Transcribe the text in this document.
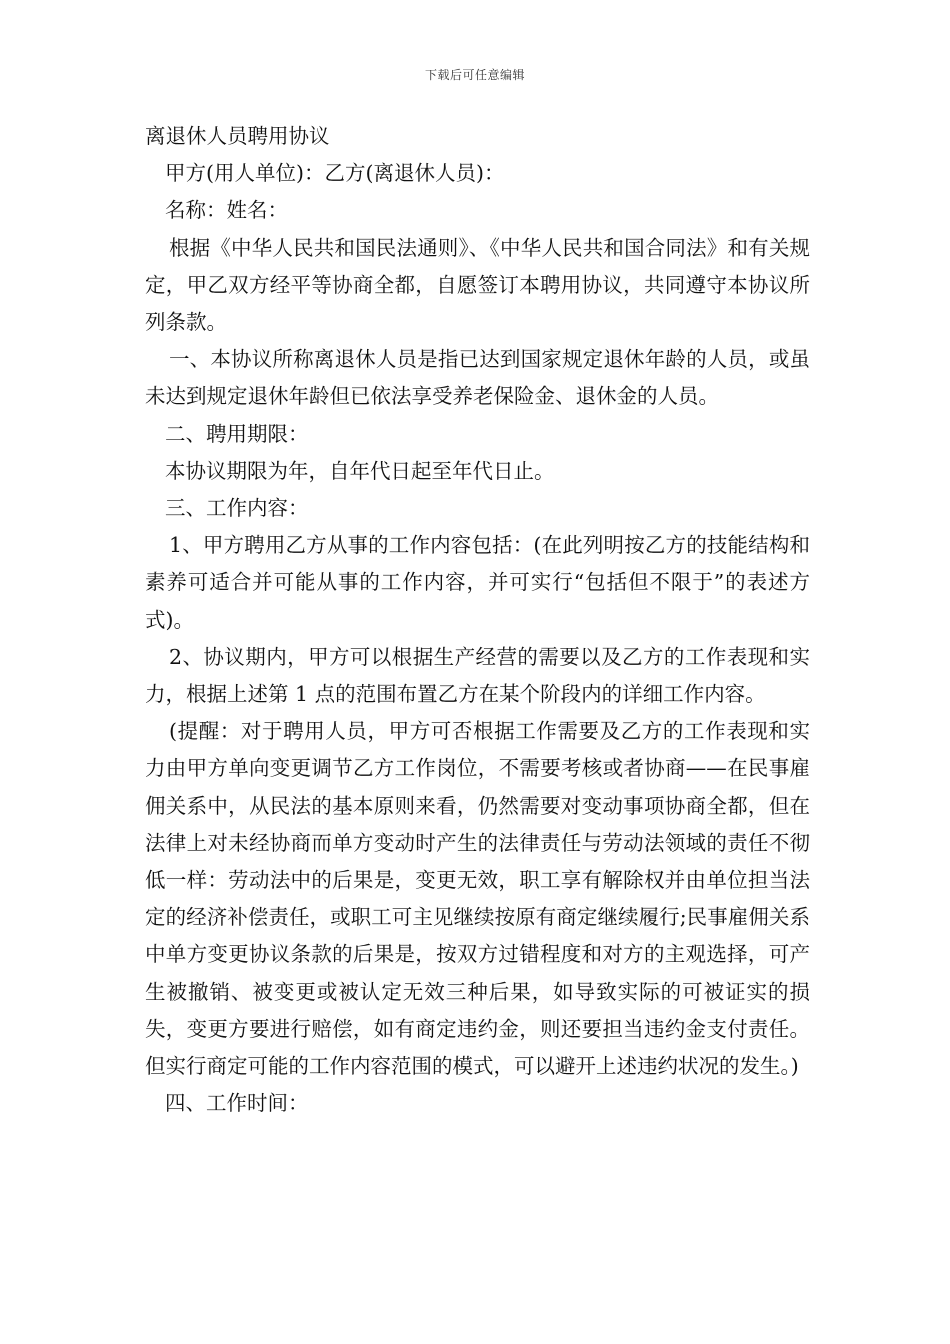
下载后可任意编辑

离退休人员聘用协议

甲方(用人单位)：乙方(离退休人员)：

名称：姓名：

根据《中华人民共和国民法通则》、《中华人民共和国合同法》和有关规定，甲乙双方经平等协商全都，自愿签订本聘用协议，共同遵守本协议所列条款。

一、本协议所称离退休人员是指已达到国家规定退休年龄的人员，或虽未达到规定退休年龄但已依法享受养老保险金、退休金的人员。

二、聘用期限：

本协议期限为年，自年代日起至年代日止。

三、工作内容：

1、甲方聘用乙方从事的工作内容包括：(在此列明按乙方的技能结构和素养可适合并可能从事的工作内容，并可实行“包括但不限于”的表述方式)。

2、协议期内，甲方可以根据生产经营的需要以及乙方的工作表现和实力，根据上述第 1 点的范围布置乙方在某个阶段内的详细工作内容。

(提醒：对于聘用人员，甲方可否根据工作需要及乙方的工作表现和实力由甲方单向变更调节乙方工作岗位，不需要考核或者协商——在民事雇佣关系中，从民法的基本原则来看，仍然需要对变动事项协商全都，但在法律上对未经协商而单方变动时产生的法律责任与劳动法领域的责任不彻低一样：劳动法中的后果是，变更无效，职工享有解除权并由单位担当法定的经济补偿责任，或职工可主见继续按原有商定继续履行;民事雇佣关系中单方变更协议条款的后果是，按双方过错程度和对方的主观选择，可产生被撤销、被变更或被认定无效三种后果，如导致实际的可被证实的损失，变更方要进行赔偿，如有商定违约金，则还要担当违约金支付责任。但实行商定可能的工作内容范围的模式，可以避开上述违约状况的发生。)

四、工作时间：
